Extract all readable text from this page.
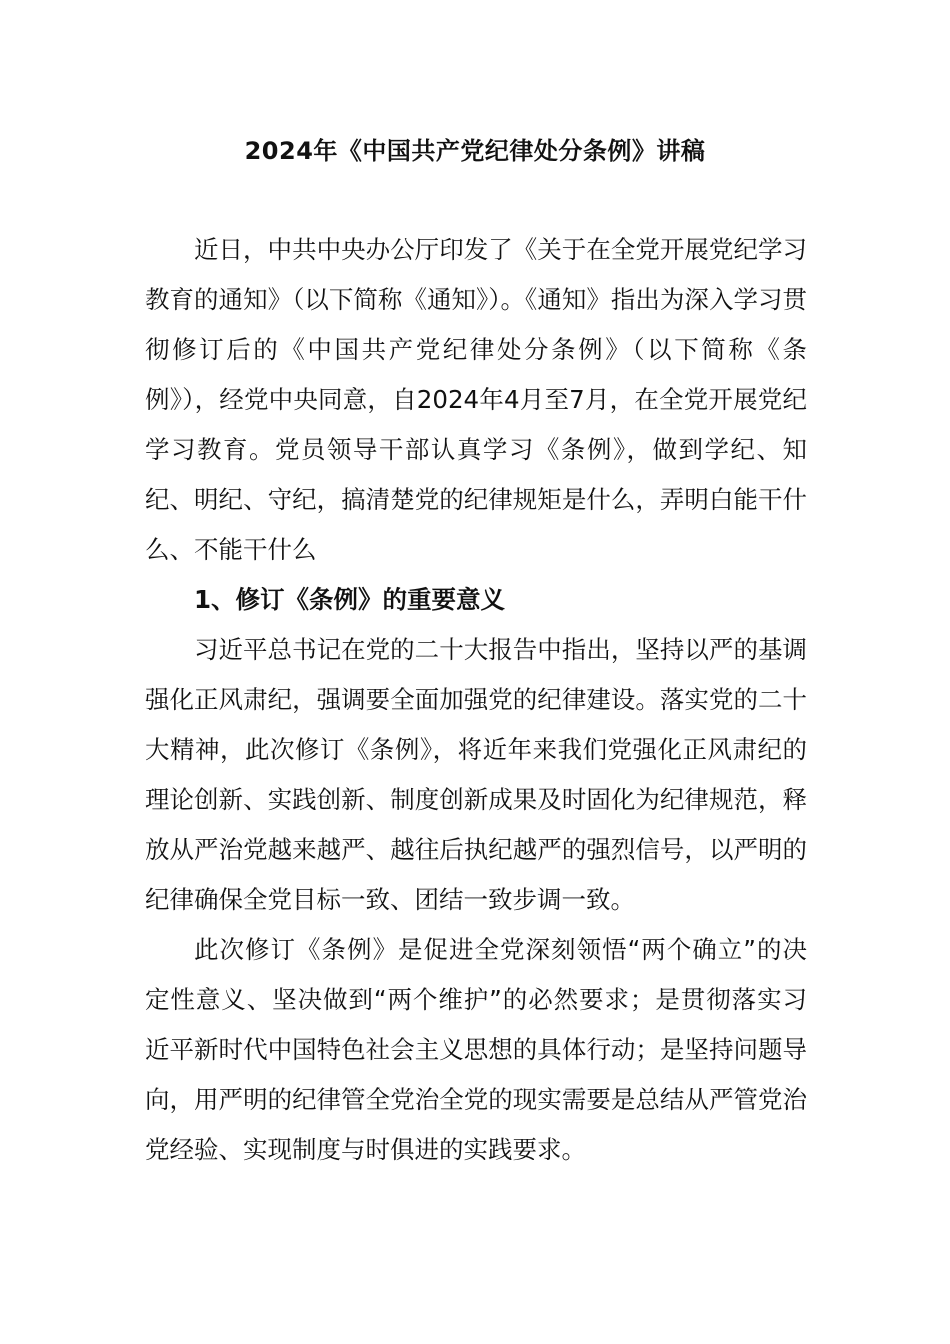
2024年《中国共产党纪律处分条例》讲稿

近日，中共中央办公厅印发了《关于在全党开展党纪学习教育的通知》（以下简称《通知》）。《通知》指出为深入学习贯彻修订后的《中国共产党纪律处分条例》（以下简称《条例》），经党中央同意，自2024年4月至7月，在全党开展党纪学习教育。党员领导干部认真学习《条例》，做到学纪、知纪、明纪、守纪，搞清楚党的纪律规矩是什么，弄明白能干什么、不能干什么

1、修订《条例》的重要意义

习近平总书记在党的二十大报告中指出，坚持以严的基调强化正风肃纪，强调要全面加强党的纪律建设。落实党的二十大精神，此次修订《条例》，将近年来我们党强化正风肃纪的理论创新、实践创新、制度创新成果及时固化为纪律规范，释放从严治党越来越严、越往后执纪越严的强烈信号，以严明的纪律确保全党目标一致、团结一致步调一致。

此次修订《条例》是促进全党深刻领悟“两个确立”的决定性意义、坚决做到“两个维护”的必然要求；是贯彻落实习近平新时代中国特色社会主义思想的具体行动；是坚持问题导向，用严明的纪律管全党治全党的现实需要是总结从严管党治党经验、实现制度与时俱进的实践要求。
